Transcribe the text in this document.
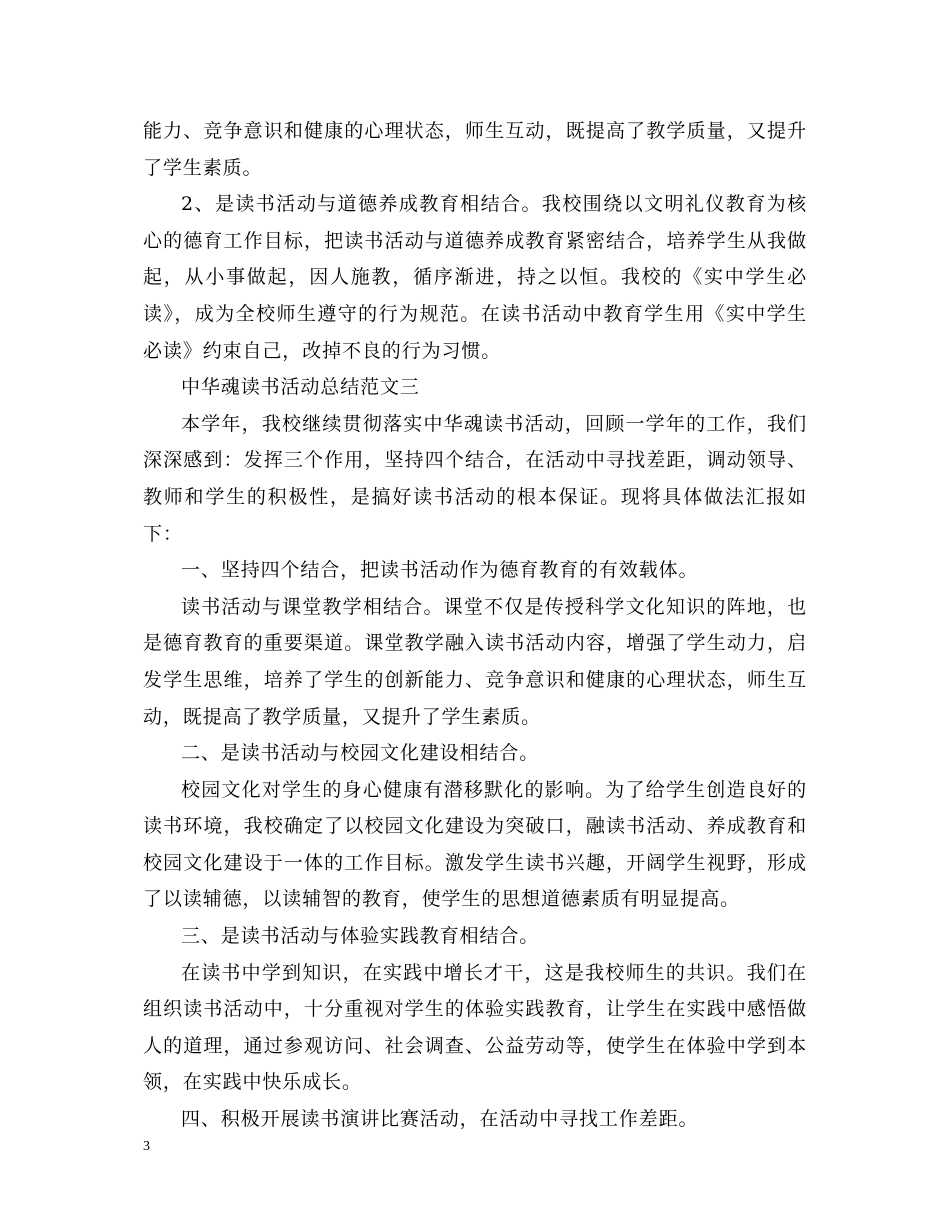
能力、竞争意识和健康的心理状态，师生互动，既提高了教学质量，又提升了学生素质。

2、是读书活动与道德养成教育相结合。我校围绕以文明礼仪教育为核心的德育工作目标，把读书活动与道德养成教育紧密结合，培养学生从我做起，从小事做起，因人施教，循序渐进，持之以恒。我校的《实中学生必读》，成为全校师生遵守的行为规范。在读书活动中教育学生用《实中学生必读》约束自己，改掉不良的行为习惯。

中华魂读书活动总结范文三

本学年，我校继续贯彻落实中华魂读书活动，回顾一学年的工作，我们深深感到：发挥三个作用，坚持四个结合，在活动中寻找差距，调动领导、教师和学生的积极性，是搞好读书活动的根本保证。现将具体做法汇报如下：

一、坚持四个结合，把读书活动作为德育教育的有效载体。

读书活动与课堂教学相结合。课堂不仅是传授科学文化知识的阵地，也是德育教育的重要渠道。课堂教学融入读书活动内容，增强了学生动力，启发学生思维，培养了学生的创新能力、竞争意识和健康的心理状态，师生互动，既提高了教学质量，又提升了学生素质。

二、是读书活动与校园文化建设相结合。

校园文化对学生的身心健康有潜移默化的影响。为了给学生创造良好的读书环境，我校确定了以校园文化建设为突破口，融读书活动、养成教育和校园文化建设于一体的工作目标。激发学生读书兴趣，开阔学生视野，形成了以读辅德，以读辅智的教育，使学生的思想道德素质有明显提高。

三、是读书活动与体验实践教育相结合。

在读书中学到知识，在实践中增长才干，这是我校师生的共识。我们在组织读书活动中，十分重视对学生的体验实践教育，让学生在实践中感悟做人的道理，通过参观访问、社会调查、公益劳动等，使学生在体验中学到本领，在实践中快乐成长。

四、积极开展读书演讲比赛活动，在活动中寻找工作差距。

3
